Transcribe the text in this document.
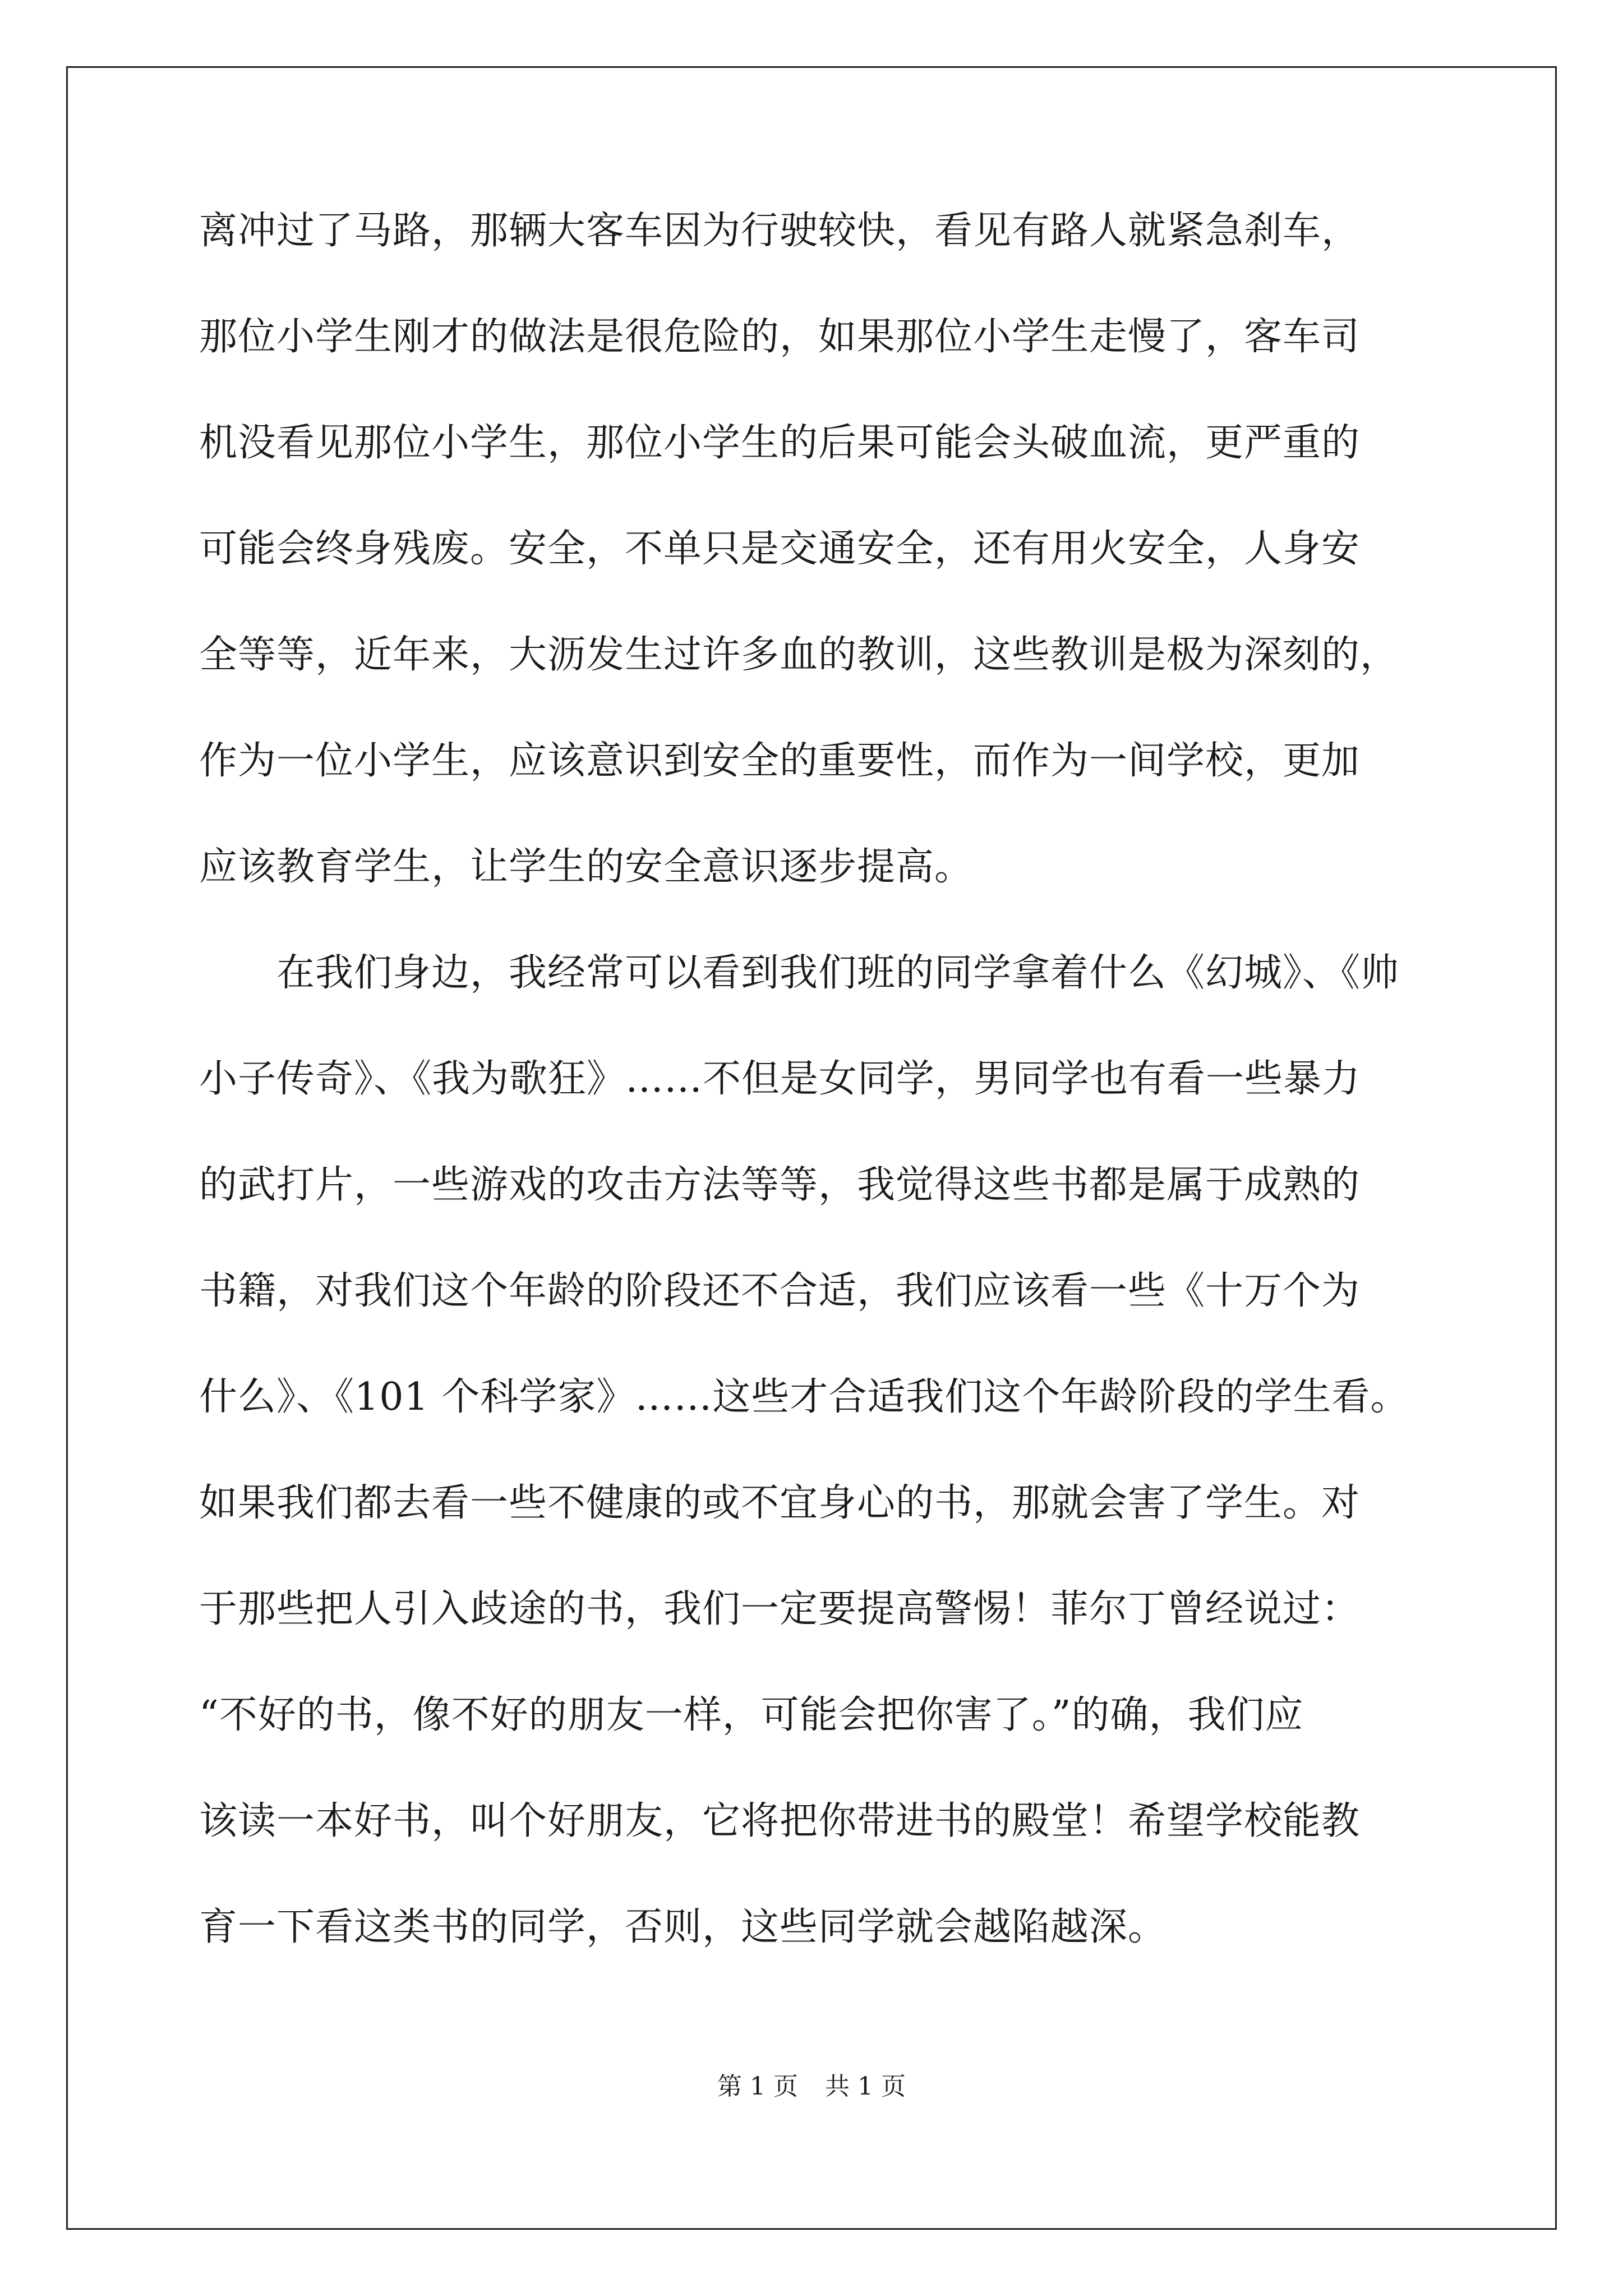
离冲过了马路，那辆大客车因为行驶较快，看见有路人就紧急刹车，
那位小学生刚才的做法是很危险的，如果那位小学生走慢了，客车司
机没看见那位小学生，那位小学生的后果可能会头破血流，更严重的
可能会终身残废。安全，不单只是交通安全，还有用火安全，人身安
全等等，近年来，大沥发生过许多血的教训，这些教训是极为深刻的，
作为一位小学生，应该意识到安全的重要性，而作为一间学校，更加
应该教育学生，让学生的安全意识逐步提高。
　　在我们身边，我经常可以看到我们班的同学拿着什么《幻城》、《帅
小子传奇》、《我为歌狂》……不但是女同学，男同学也有看一些暴力
的武打片，一些游戏的攻击方法等等，我觉得这些书都是属于成熟的
书籍，对我们这个年龄的阶段还不合适，我们应该看一些《十万个为
什么》、《101 个科学家》……这些才合适我们这个年龄阶段的学生看。
如果我们都去看一些不健康的或不宜身心的书，那就会害了学生。对
于那些把人引入歧途的书，我们一定要提高警惕！菲尔丁曾经说过：
“不好的书，像不好的朋友一样，可能会把你害了。”的确，我们应
该读一本好书，叫个好朋友，它将把你带进书的殿堂！希望学校能教
育一下看这类书的同学，否则，这些同学就会越陷越深。
第 1 页 共 1 页
